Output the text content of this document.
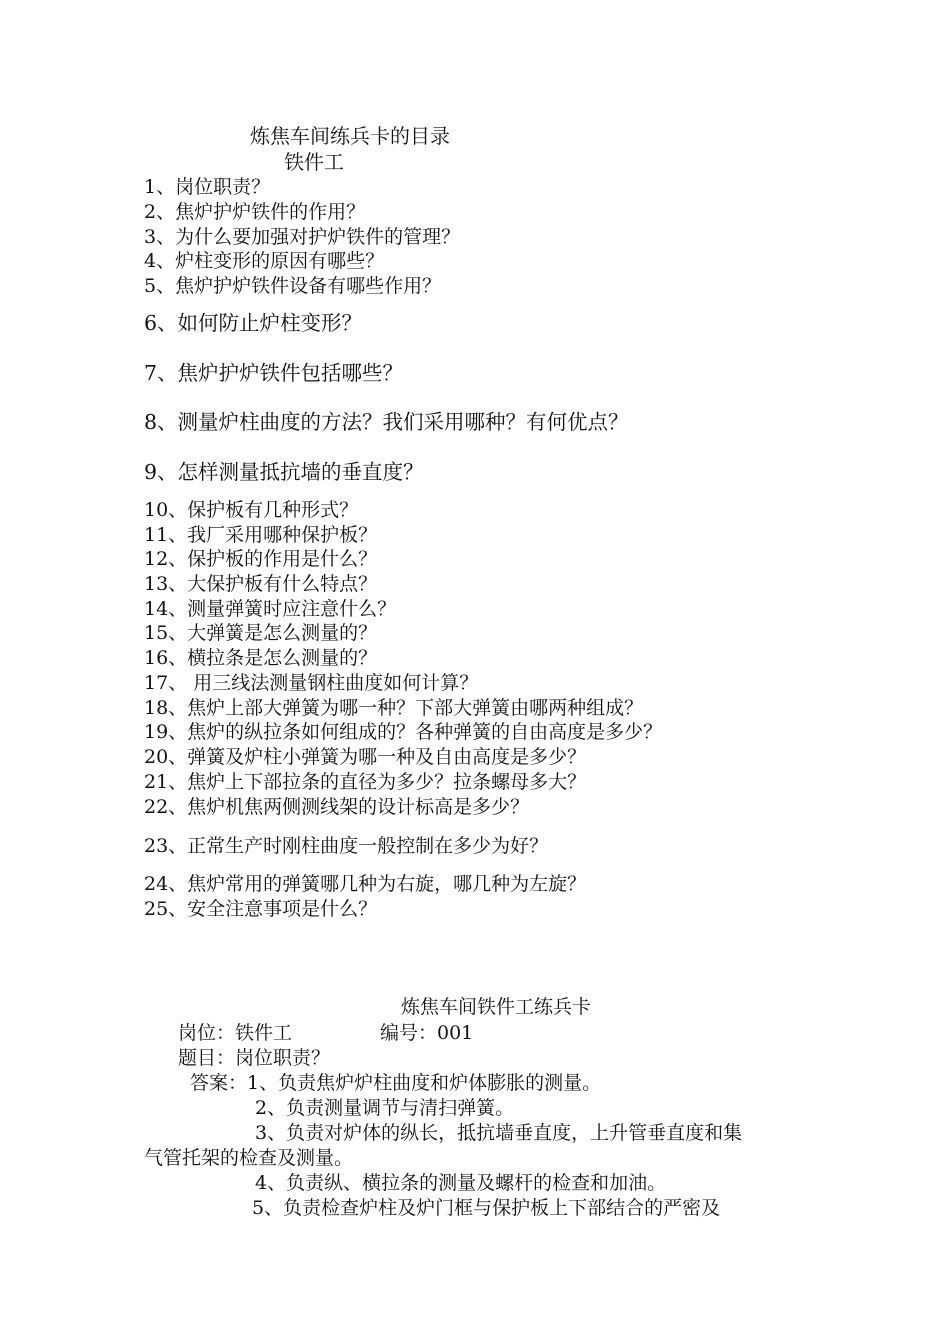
炼焦车间练兵卡的目录
铁件工
1、岗位职责？
2、焦炉护炉铁件的作用？
3、为什么要加强对护炉铁件的管理？
4、炉柱变形的原因有哪些？
5、焦炉护炉铁件设备有哪些作用？
6、如何防止炉柱变形？
7、焦炉护炉铁件包括哪些？
8、测量炉柱曲度的方法？我们采用哪种？有何优点？
9、怎样测量抵抗墙的垂直度？
10、保护板有几种形式？
11、我厂采用哪种保护板？
12、保护板的作用是什么？
13、大保护板有什么特点？
14、测量弹簧时应注意什么？
15、大弹簧是怎么测量的？
16、横拉条是怎么测量的？
17、 用三线法测量钢柱曲度如何计算？
18、焦炉上部大弹簧为哪一种？下部大弹簧由哪两种组成？
19、焦炉的纵拉条如何组成的？各种弹簧的自由高度是多少？
20、弹簧及炉柱小弹簧为哪一种及自由高度是多少？
21、焦炉上下部拉条的直径为多少？拉条螺母多大？
22、焦炉机焦两侧测线架的设计标高是多少？
23、正常生产时刚柱曲度一般控制在多少为好？
24、焦炉常用的弹簧哪几种为右旋，哪几种为左旋？
25、安全注意事项是什么？
炼焦车间铁件工练兵卡
岗位：铁件工	编号：001
题目：岗位职责？
答案：1、负责焦炉炉柱曲度和炉体膨胀的测量。
2、负责测量调节与清扫弹簧。
3、负责对炉体的纵长，抵抗墙垂直度，上升管垂直度和集
气管托架的检查及测量。
4、负责纵、横拉条的测量及螺杆的检查和加油。
5、负责检查炉柱及炉门框与保护板上下部结合的严密及
